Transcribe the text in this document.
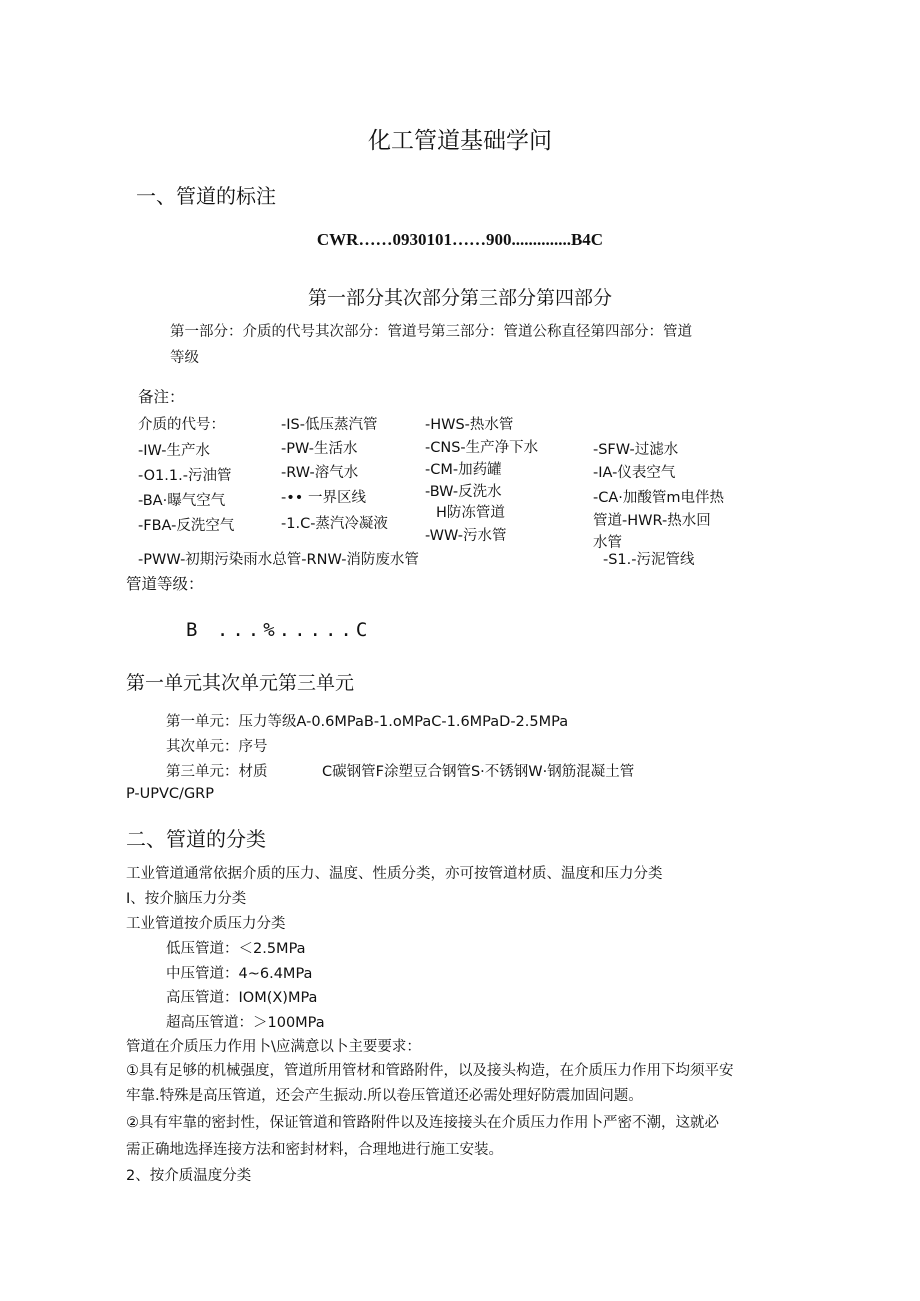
化工管道基础学问
一、管道的标注
CWR……0930101……900..............B4C
第一部分其次部分第三部分第四部分
第一部分：介质的代号其次部分：管道号第三部分：管道公称直径第四部分：管道
等级
备注：
介质的代号：
-IW-生产水
-O1.1.-污油管
-BA·曝气空气
-FBA-反洗空气
-IS-低压蒸汽管
-PW-生活水
-RW-溶气水
-•• 一界区线
-1.C-蒸汽冷凝液
-HWS-热水管
-CNS-生产净下水
-CM-加药罐
-BW-反洗水
H防冻管道
-WW-污水管
-SFW-过滤水
-IA-仪表空气
-CA·加酸管m电伴热
管道-HWR-热水回
水管
-PWW-初期污染雨水总管-RNW-消防废水管	-S1.-污泥管线
管道等级：
B ...%.....C
第一单元其次单元第三单元
第一单元：压力等级A-0.6MPaB-1.oMPaC-1.6MPaD-2.5MPa
其次单元：序号
第三单元：材质	C碳钢管F涂塑豆合钢管S·不锈钢W·钢筋混凝土管
P-UPVC/GRP
二、管道的分类
工业管道通常依据介质的压力、温度、性质分类，亦可按管道材质、温度和压力分类
I、按介脑压力分类
工业管道按介质压力分类
低压管道：＜2.5MPa
中压管道：4~6.4MPa
高压管道：IOM(X)MPa
超高压管道：＞100MPa
管道在介质压力作用卜\应满意以卜主要要求：
①具有足够的机械强度，管道所用管材和管路附件，以及接头构造，在介质压力作用下均须平安
牢靠.特殊是高压管道，还会产生振动.所以卷压管道还必需处理好防震加固问题。
②具有牢靠的密封性，保证管道和管路附件以及连接接头在介质压力作用卜严密不潮，这就必
需正确地选择连接方法和密封材料，合理地进行施工安装。
2、按介质温度分类
